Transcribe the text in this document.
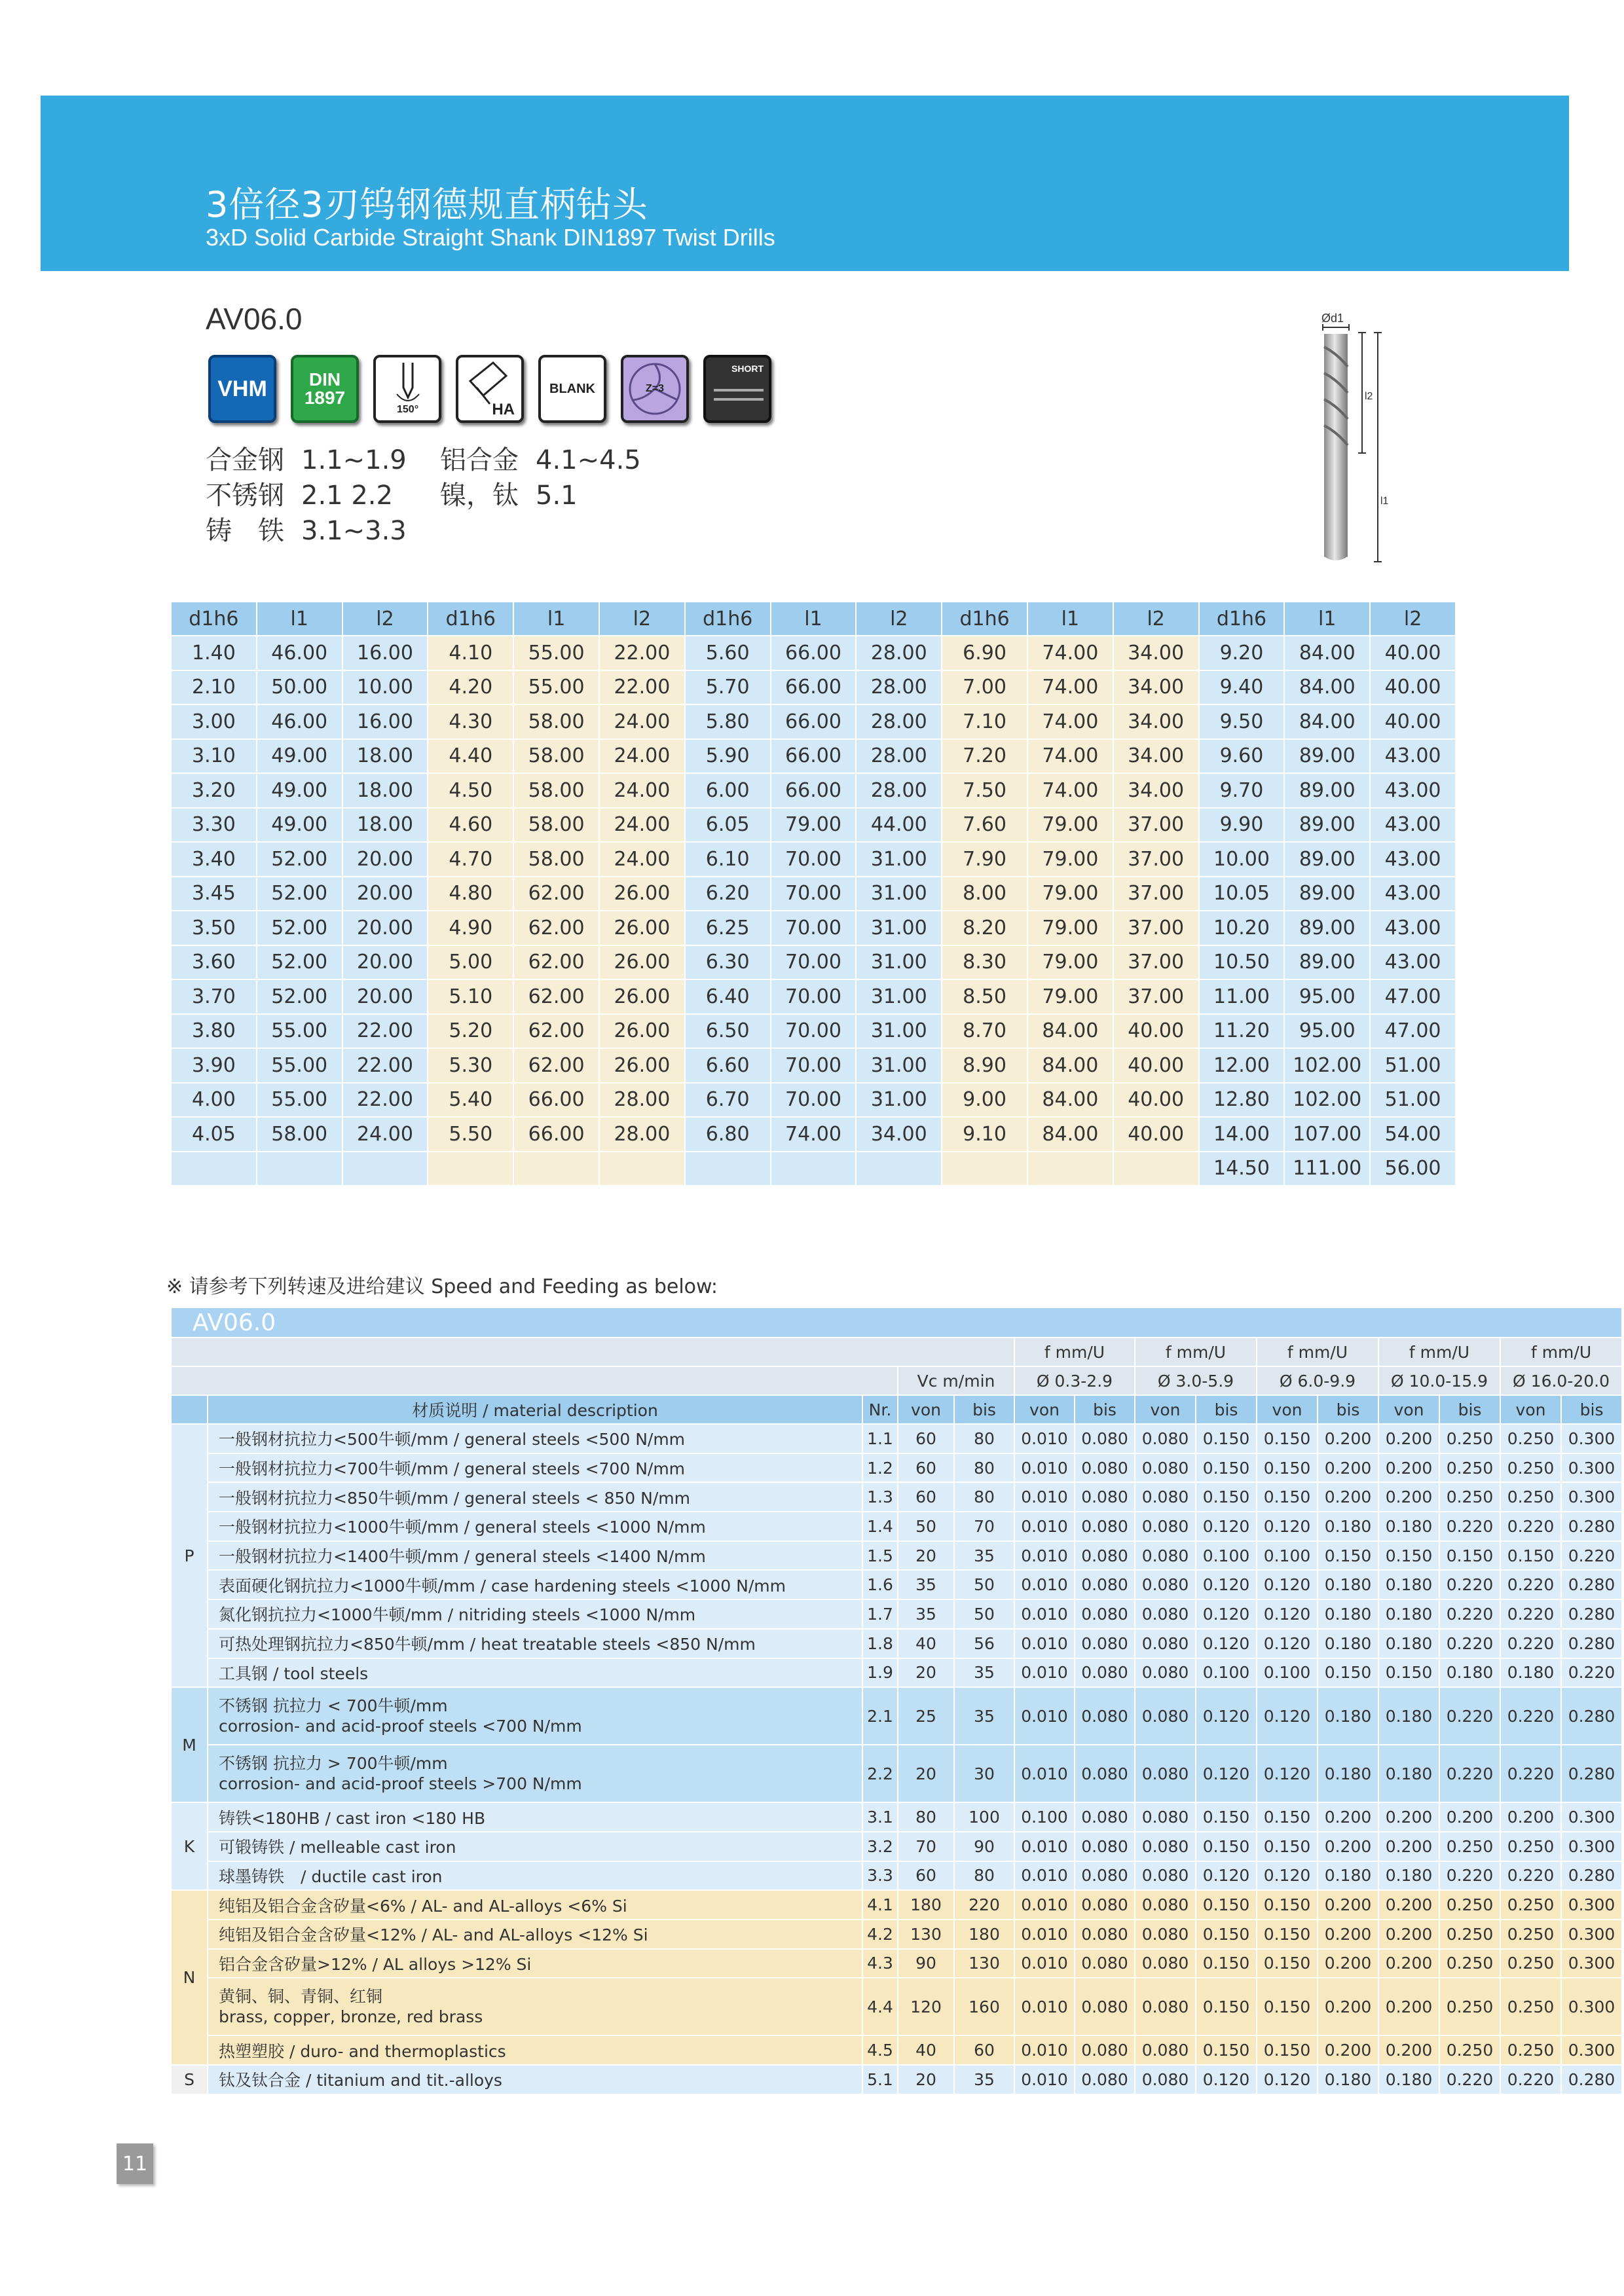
3倍径3刃钨钢德规直柄钻头
3xD Solid Carbide Straight Shank DIN1897 Twist Drills
AV06.0
VHM DIN
1897
150°	HA
BLANK	Z=3
SHORT
合金钢 1.1~1.9	铝合金 4.1~4.5
不锈钢 2.1 2.2	镍，钛 5.1
铸　铁 3.1~3.3
Ød1
l2
l1
d1h6	l1	l2	d1h6	l1	l2	d1h6	l1	l2	d1h6	l1	l2	d1h6	l1	l2
1.40	46.00	16.00	4.10	55.00	22.00	5.60	66.00	28.00	6.90	74.00	34.00	9.20	84.00	40.00
2.10	50.00	10.00	4.20	55.00	22.00	5.70	66.00	28.00	7.00	74.00	34.00	9.40	84.00	40.00
3.00	46.00	16.00	4.30	58.00	24.00	5.80	66.00	28.00	7.10	74.00	34.00	9.50	84.00	40.00
3.10	49.00	18.00	4.40	58.00	24.00	5.90	66.00	28.00	7.20	74.00	34.00	9.60	89.00	43.00
3.20	49.00	18.00	4.50	58.00	24.00	6.00	66.00	28.00	7.50	74.00	34.00	9.70	89.00	43.00
3.30	49.00	18.00	4.60	58.00	24.00	6.05	79.00	44.00	7.60	79.00	37.00	9.90	89.00	43.00
3.40	52.00	20.00	4.70	58.00	24.00	6.10	70.00	31.00	7.90	79.00	37.00	10.00	89.00	43.00
3.45	52.00	20.00	4.80	62.00	26.00	6.20	70.00	31.00	8.00	79.00	37.00	10.05	89.00	43.00
3.50	52.00	20.00	4.90	62.00	26.00	6.25	70.00	31.00	8.20	79.00	37.00	10.20	89.00	43.00
3.60	52.00	20.00	5.00	62.00	26.00	6.30	70.00	31.00	8.30	79.00	37.00	10.50	89.00	43.00
3.70	52.00	20.00	5.10	62.00	26.00	6.40	70.00	31.00	8.50	79.00	37.00	11.00	95.00	47.00
3.80	55.00	22.00	5.20	62.00	26.00	6.50	70.00	31.00	8.70	84.00	40.00	11.20	95.00	47.00
3.90	55.00	22.00	5.30	62.00	26.00	6.60	70.00	31.00	8.90	84.00	40.00	12.00	102.00	51.00
4.00	55.00	22.00	5.40	66.00	28.00	6.70	70.00	31.00	9.00	84.00	40.00	12.80	102.00	51.00
4.05	58.00	24.00	5.50	66.00	28.00	6.80	74.00	34.00	9.10	84.00	40.00	14.00	107.00	54.00
												14.50	111.00	56.00
※ 请参考下列转速及进给建议 Speed and Feeding as below:
AV06.0														
					f mm/U		f mm/U		f mm/U		f mm/U		f mm/U	
			Vc m/min		Ø 0.3-2.9		Ø 3.0-5.9		Ø 6.0-9.9		Ø 10.0-15.9		Ø 16.0-20.0	
	材质说明 / material description	Nr.	von	bis	von	bis	von	bis	von	bis	von	bis	von	bis
P	一般钢材抗拉力<500牛顿/mm / general steels <500 N/mm	1.1	60	80	0.010	0.080	0.080	0.150	0.150	0.200	0.200	0.250	0.250	0.300

	一般钢材抗拉力<700牛顿/mm / general steels <700 N/mm	1.2	60	80	0.010	0.080	0.080	0.150	0.150	0.200	0.200	0.250	0.250	0.300

	一般钢材抗拉力<850牛顿/mm / general steels < 850 N/mm	1.3	60	80	0.010	0.080	0.080	0.150	0.150	0.200	0.200	0.250	0.250	0.300

	一般钢材抗拉力<1000牛顿/mm / general steels <1000 N/mm	1.4	50	70	0.010	0.080	0.080	0.120	0.120	0.180	0.180	0.220	0.220	0.280

	一般钢材抗拉力<1400牛顿/mm / general steels <1400 N/mm	1.5	20	35	0.010	0.080	0.080	0.100	0.100	0.150	0.150	0.150	0.150	0.220

	表面硬化钢抗拉力<1000牛顿/mm / case hardening steels <1000 N/mm	1.6	35	50	0.010	0.080	0.080	0.120	0.120	0.180	0.180	0.220	0.220	0.280

	氮化钢抗拉力<1000牛顿/mm / nitriding steels <1000 N/mm	1.7	35	50	0.010	0.080	0.080	0.120	0.120	0.180	0.180	0.220	0.220	0.280

	可热处理钢抗拉力<850牛顿/mm / heat treatable steels <850 N/mm	1.8	40	56	0.010	0.080	0.080	0.120	0.120	0.180	0.180	0.220	0.220	0.280

	工具钢 / tool steels	1.9	20	35	0.010	0.080	0.080	0.100	0.100	0.150	0.150	0.180	0.180	0.220
M	不锈钢 抗拉力 < 700牛顿/mm
corrosion- and acid-proof steels <700 N/mm	2.1	25	35	0.010	0.080	0.080	0.120	0.120	0.180	0.180	0.220	0.220	0.280

	不锈钢 抗拉力 > 700牛顿/mm
corrosion- and acid-proof steels >700 N/mm	2.2	20	30	0.010	0.080	0.080	0.120	0.120	0.180	0.180	0.220	0.220	0.280
K	铸铁<180HB / cast iron <180 HB	3.1	80	100	0.100	0.080	0.080	0.150	0.150	0.200	0.200	0.200	0.200	0.300

	可锻铸铁 / melleable cast iron	3.2	70	90	0.010	0.080	0.080	0.150	0.150	0.200	0.200	0.250	0.250	0.300

	球墨铸铁　/ ductile cast iron	3.3	60	80	0.010	0.080	0.080	0.120	0.120	0.180	0.180	0.220	0.220	0.280
N	纯铝及铝合金含矽量<6% / AL- and AL-alloys <6% Si	4.1	180	220	0.010	0.080	0.080	0.150	0.150	0.200	0.200	0.250	0.250	0.300

	纯铝及铝合金含矽量<12% / AL- and AL-alloys <12% Si	4.2	130	180	0.010	0.080	0.080	0.150	0.150	0.200	0.200	0.250	0.250	0.300

	铝合金含矽量>12% / AL alloys >12% Si	4.3	90	130	0.010	0.080	0.080	0.150	0.150	0.200	0.200	0.250	0.250	0.300

	黄铜、铜、青铜、红铜
brass, copper, bronze, red brass	4.4	120	160	0.010	0.080	0.080	0.150	0.150	0.200	0.200	0.250	0.250	0.300

	热塑塑胶 / duro- and thermoplastics	4.5	40	60	0.010	0.080	0.080	0.150	0.150	0.200	0.200	0.250	0.250	0.300
S	钛及钛合金 / titanium and tit.-alloys	5.1	20	35	0.010	0.080	0.080	0.120	0.120	0.180	0.180	0.220	0.220	0.280
11
